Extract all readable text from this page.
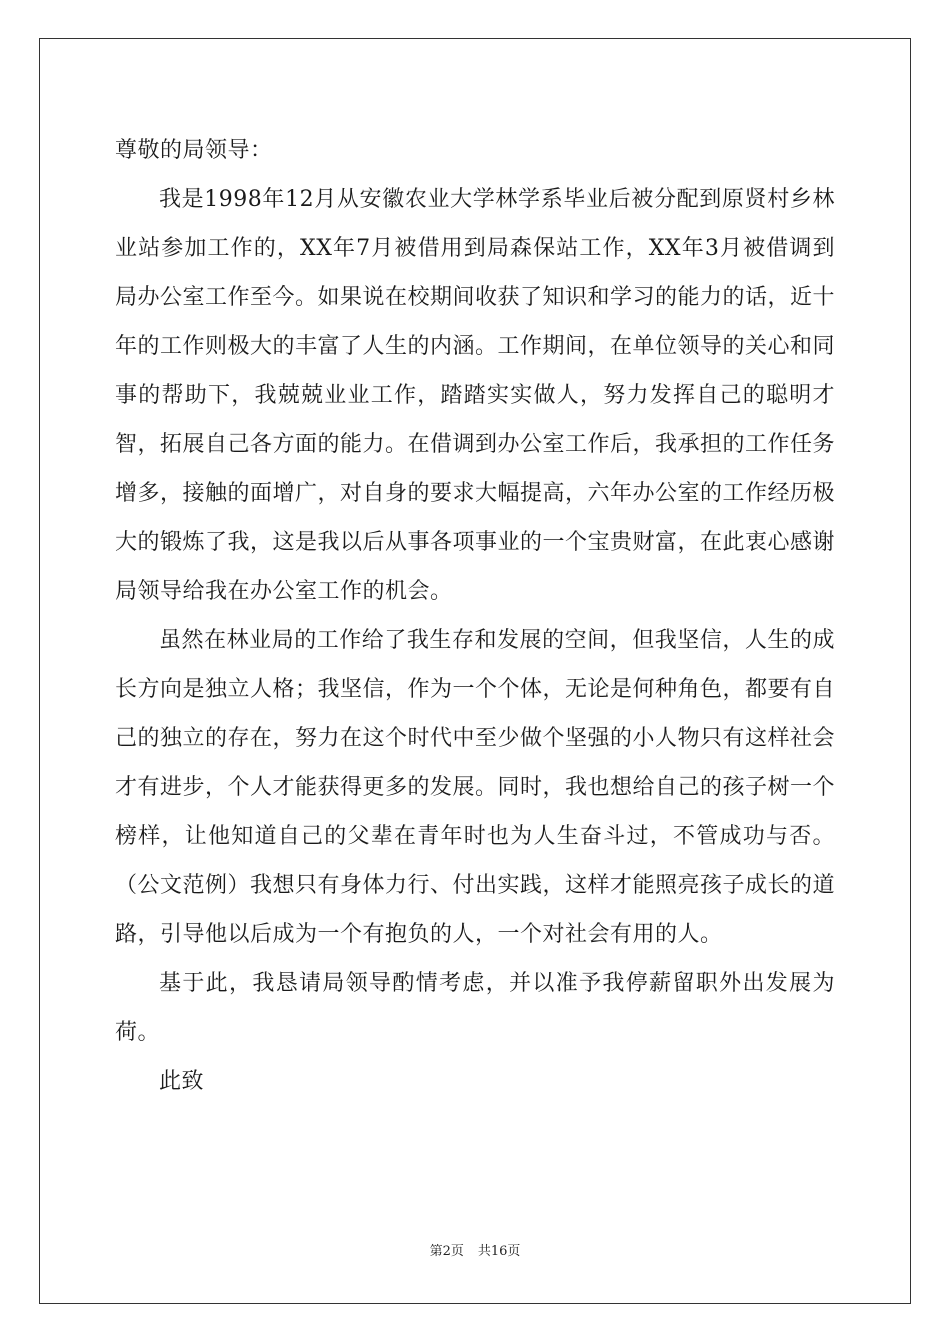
尊敬的局领导：

我是1998年12月从安徽农业大学林学系毕业后被分配到原贤村乡林业站参加工作的，XX年7月被借用到局森保站工作，XX年3月被借调到局办公室工作至今。如果说在校期间收获了知识和学习的能力的话，近十年的工作则极大的丰富了人生的内涵。工作期间，在单位领导的关心和同事的帮助下，我兢兢业业工作，踏踏实实做人，努力发挥自己的聪明才智，拓展自己各方面的能力。在借调到办公室工作后，我承担的工作任务增多，接触的面增广，对自身的要求大幅提高，六年办公室的工作经历极大的锻炼了我，这是我以后从事各项事业的一个宝贵财富，在此衷心感谢局领导给我在办公室工作的机会。

虽然在林业局的工作给了我生存和发展的空间，但我坚信，人生的成长方向是独立人格；我坚信，作为一个个体，无论是何种角色，都要有自己的独立的存在，努力在这个时代中至少做个坚强的小人物只有这样社会才有进步，个人才能获得更多的发展。同时，我也想给自己的孩子树一个榜样，让他知道自己的父辈在青年时也为人生奋斗过，不管成功与否。（公文范例）我想只有身体力行、付出实践，这样才能照亮孩子成长的道路，引导他以后成为一个有抱负的人，一个对社会有用的人。

基于此，我恳请局领导酌情考虑，并以准予我停薪留职外出发展为荷。

此致

第2页 共16页
